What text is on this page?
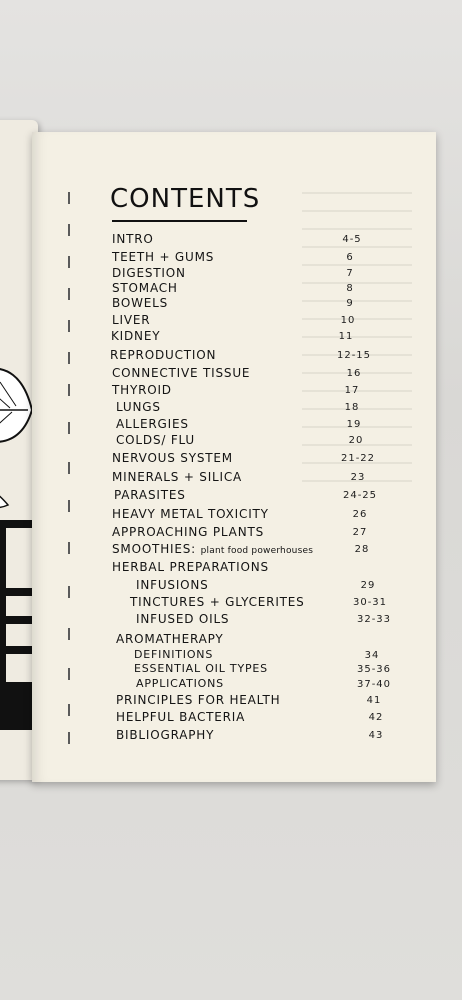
CONTENTS
INTRO	4-5
TEETH + GUMS	6
DIGESTION	7
STOMACH	8
BOWELS	9
LIVER	10
KIDNEY	11
REPRODUCTION	12-15
CONNECTIVE TISSUE	16
THYROID	17
LUNGS	18
ALLERGIES	19
COLDS/ FLU	20
NERVOUS SYSTEM	21-22
MINERALS + SILICA	23
PARASITES	24-25
HEAVY METAL TOXICITY	26
APPROACHING PLANTS	27
SMOOTHIES: plant food powerhouses	28
HERBAL PREPARATIONS
INFUSIONS	29
TINCTURES + GLYCERITES	30-31
INFUSED OILS	32-33
AROMATHERAPY
DEFINITIONS	34
ESSENTIAL OIL TYPES	35-36
APPLICATIONS	37-40
PRINCIPLES FOR HEALTH	41
HELPFUL BACTERIA	42
BIBLIOGRAPHY	43
